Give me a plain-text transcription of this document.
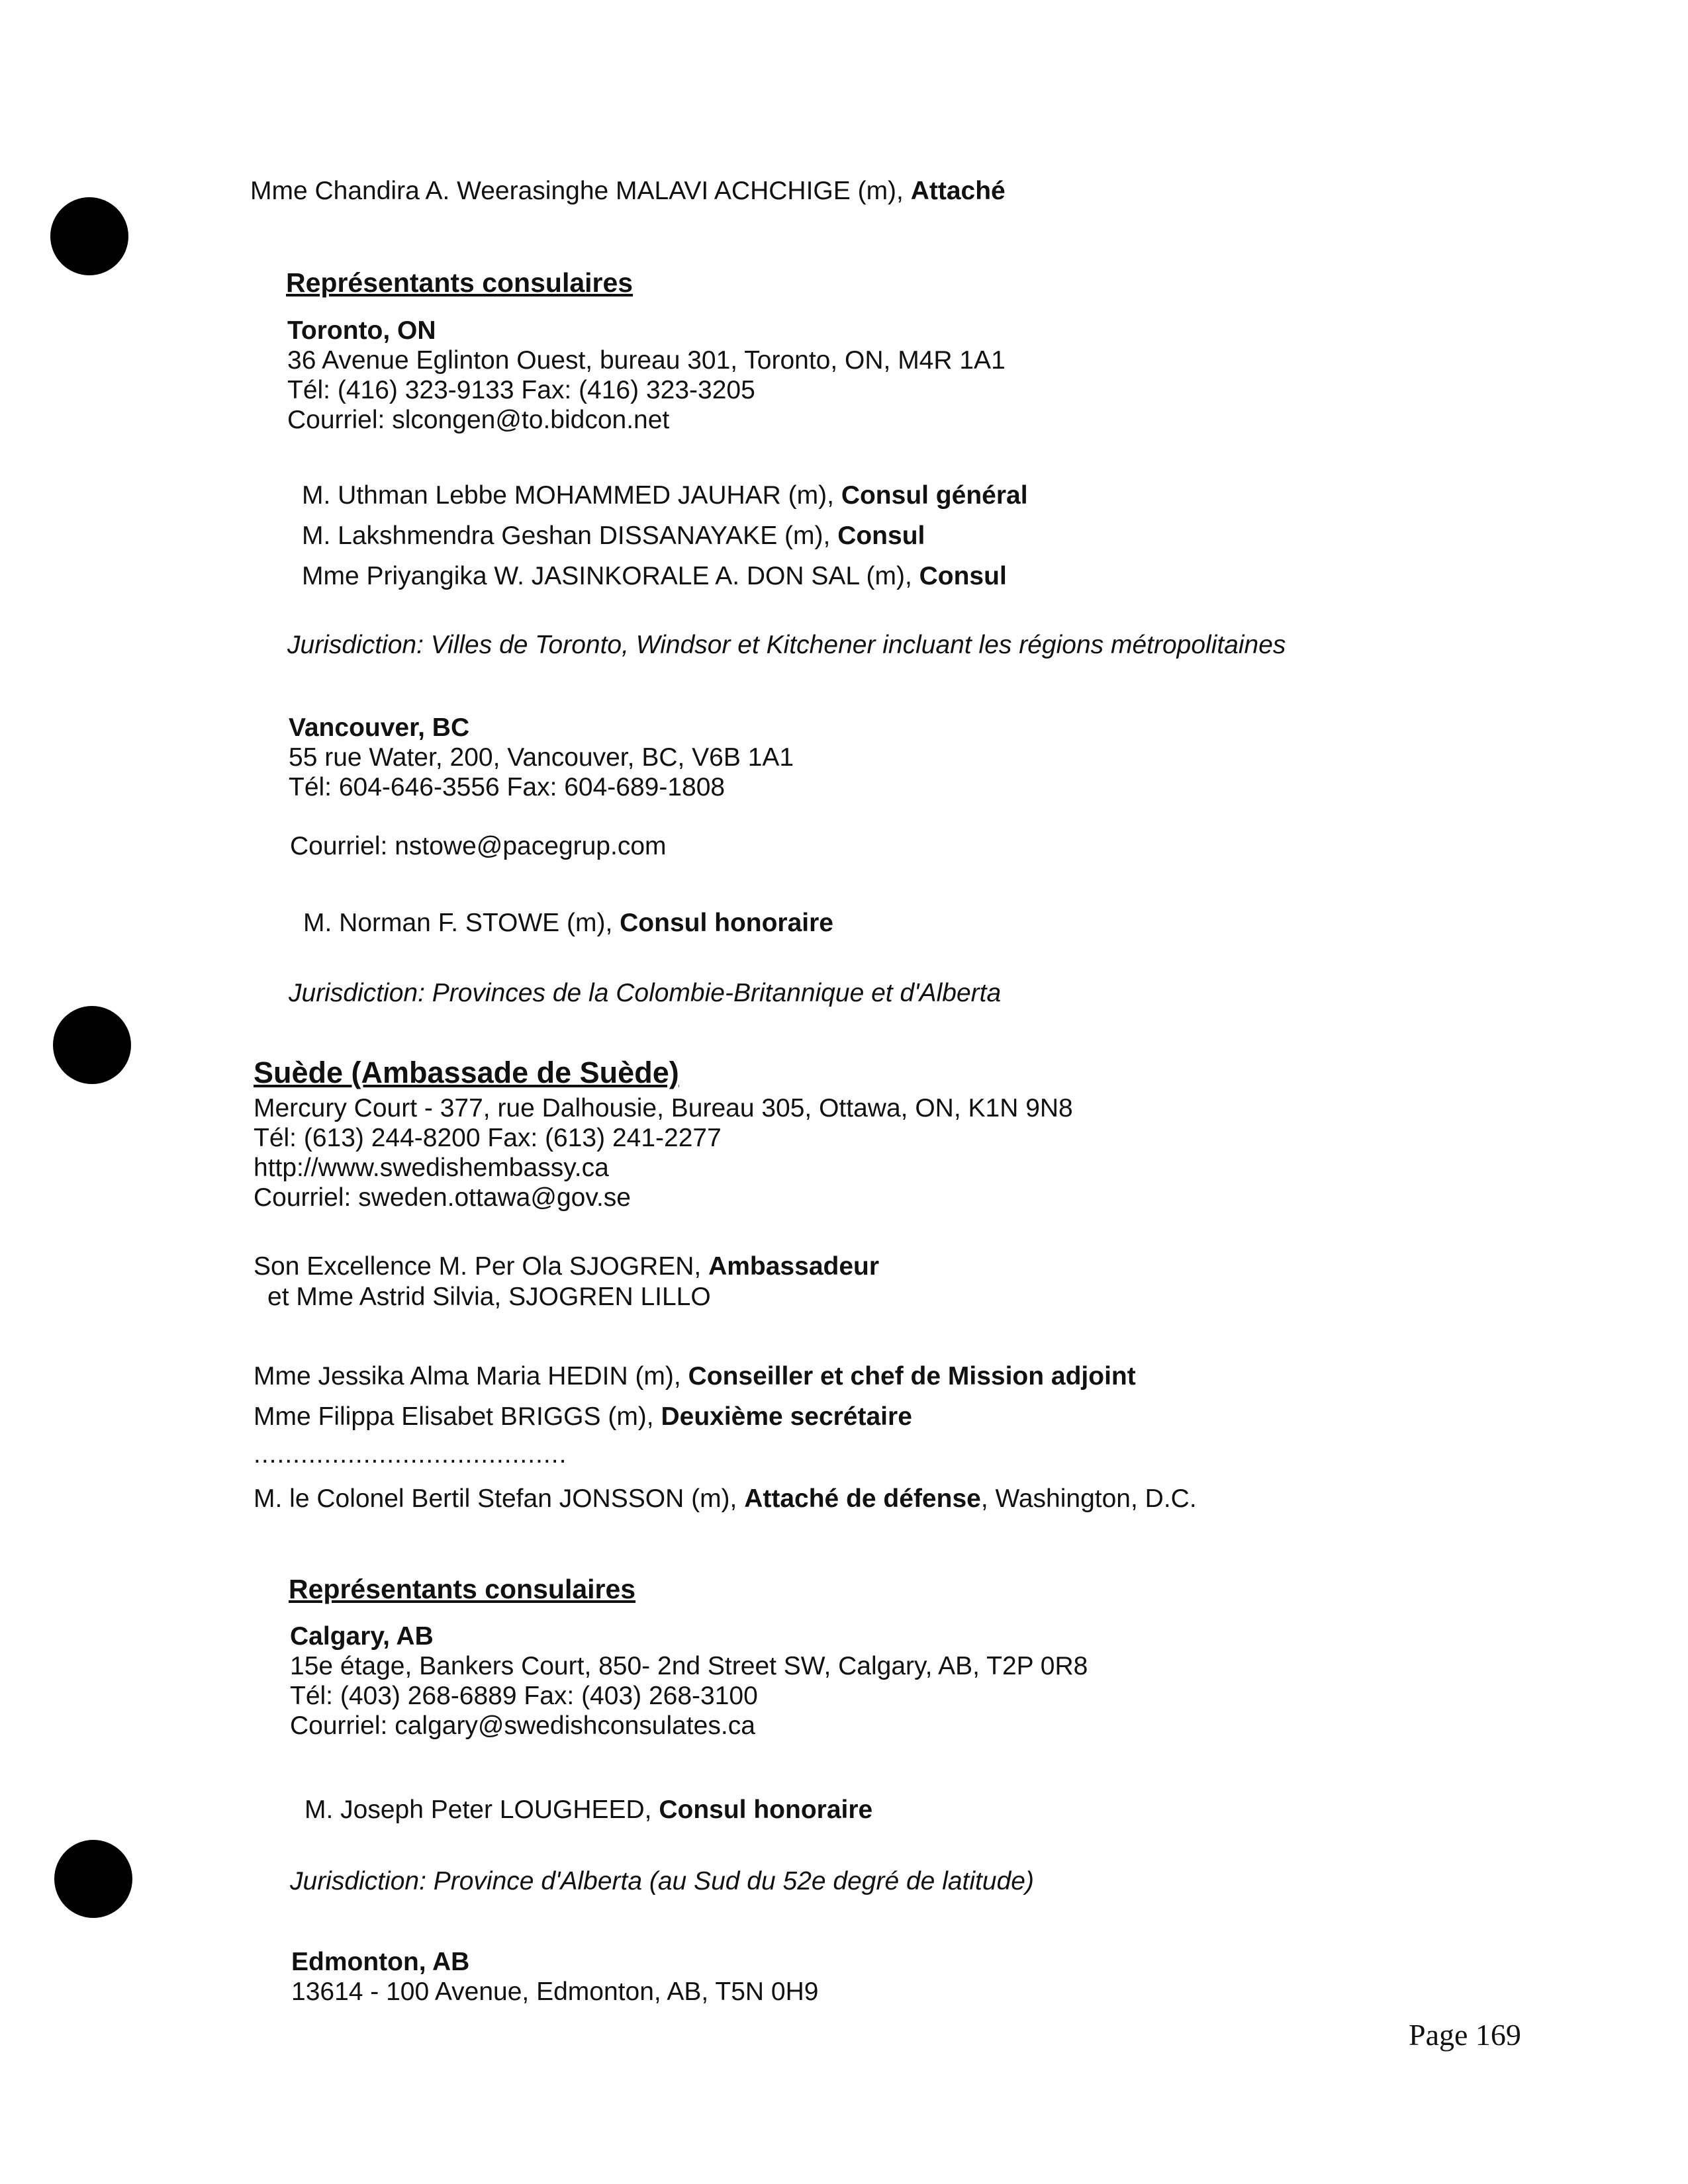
Mme Chandira A. Weerasinghe MALAVI ACHCHIGE (m), Attaché
Représentants consulaires
Toronto, ON
36 Avenue Eglinton Ouest, bureau 301, Toronto, ON, M4R 1A1
Tél: (416) 323-9133 Fax: (416) 323-3205
Courriel: slcongen@to.bidcon.net
M. Uthman Lebbe MOHAMMED JAUHAR (m), Consul général
M. Lakshmendra Geshan DISSANAYAKE (m), Consul
Mme Priyangika W. JASINKORALE A. DON SAL (m), Consul
Jurisdiction: Villes de Toronto, Windsor et Kitchener incluant les régions métropolitaines
Vancouver, BC
55 rue Water, 200, Vancouver, BC, V6B 1A1
Tél: 604-646-3556 Fax: 604-689-1808
Courriel: nstowe@pacegrup.com
M. Norman F. STOWE (m), Consul honoraire
Jurisdiction: Provinces de la Colombie-Britannique et d'Alberta
Suède (Ambassade de Suède)
Mercury Court - 377, rue Dalhousie, Bureau 305, Ottawa, ON, K1N 9N8
Tél: (613) 244-8200 Fax: (613) 241-2277
http://www.swedishembassy.ca
Courriel: sweden.ottawa@gov.se
Son Excellence M. Per Ola SJOGREN, Ambassadeur
et Mme Astrid Silvia, SJOGREN LILLO
Mme Jessika Alma Maria HEDIN (m), Conseiller et chef de Mission adjoint
Mme Filippa Elisabet BRIGGS (m), Deuxième secrétaire
........................................
M. le Colonel Bertil Stefan JONSSON (m), Attaché de défense, Washington, D.C.
Représentants consulaires
Calgary, AB
15e étage, Bankers Court, 850- 2nd Street SW, Calgary, AB, T2P 0R8
Tél: (403) 268-6889 Fax: (403) 268-3100
Courriel: calgary@swedishconsulates.ca
M. Joseph Peter LOUGHEED, Consul honoraire
Jurisdiction: Province d'Alberta (au Sud du 52e degré de latitude)
Edmonton, AB
13614 - 100 Avenue, Edmonton, AB, T5N 0H9
Page 169
